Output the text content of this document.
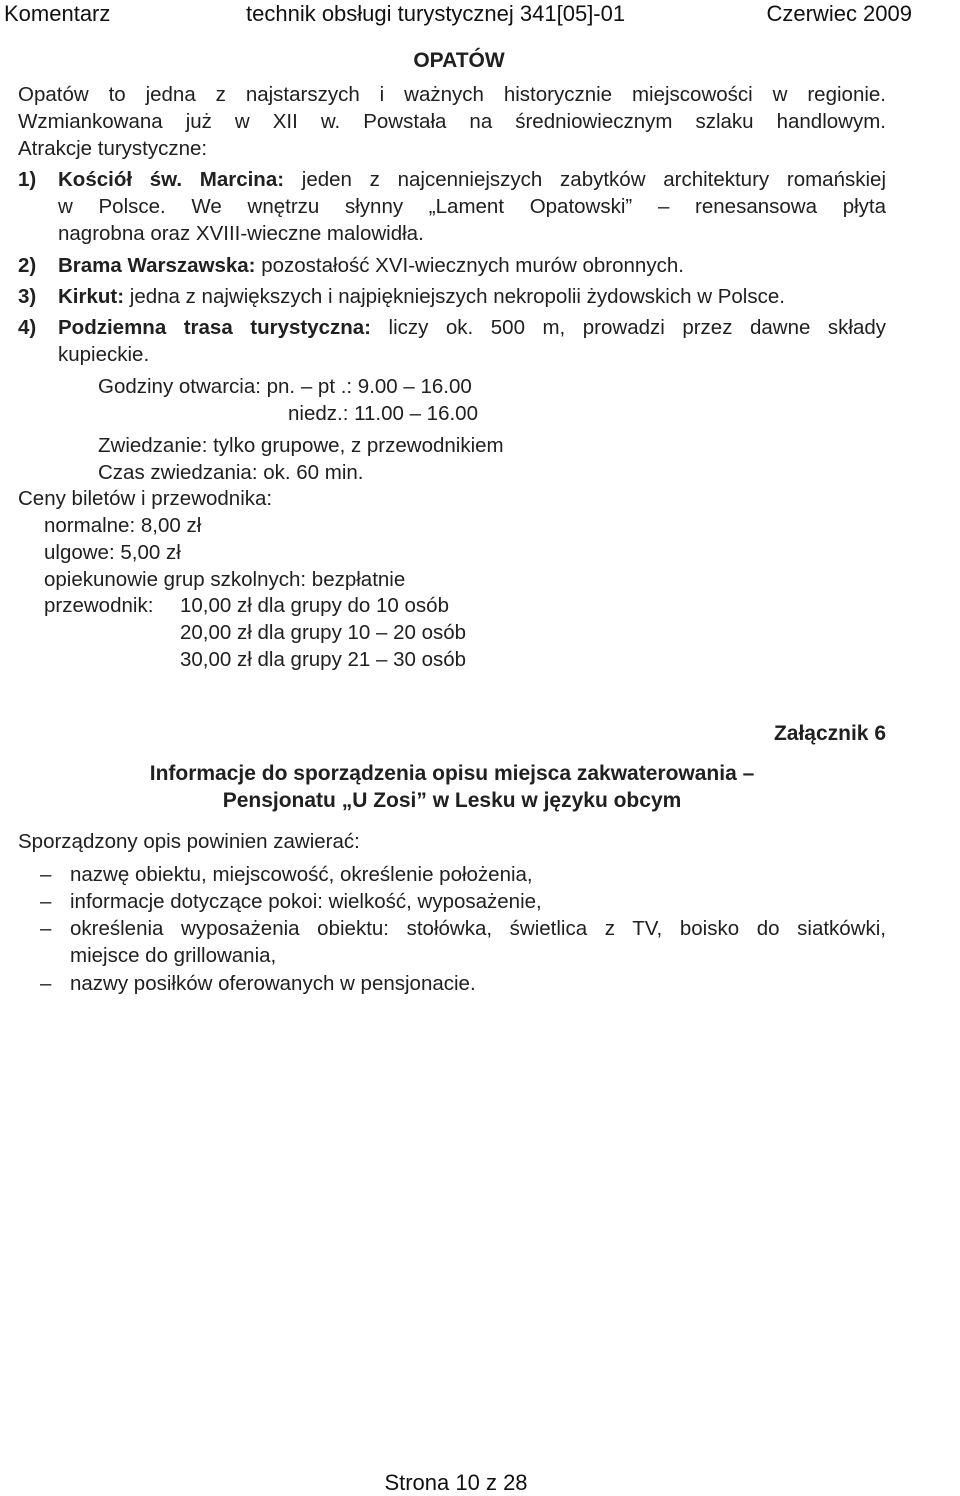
Komentarz	technik obsługi turystycznej 341[05]-01	Czerwiec 2009
OPATÓW
Opatów to jedna z najstarszych i ważnych historycznie miejscowości w regionie.
Wzmiankowana już w XII w. Powstała na średniowiecznym szlaku handlowym.
Atrakcje turystyczne:
1) Kościół św. Marcina: jeden z najcenniejszych zabytków architektury romańskiej
w Polsce. We wnętrzu słynny „Lament Opatowski” – renesansowa płyta
nagrobna oraz XVIII-wieczne malowidła.
2) Brama Warszawska: pozostałość XVI-wiecznych murów obronnych.
3) Kirkut: jedna z największych i najpiękniejszych nekropolii żydowskich w Polsce.
4) Podziemna trasa turystyczna: liczy ok. 500 m, prowadzi przez dawne składy
kupieckie.
Godziny otwarcia: pn. – pt .: 9.00 – 16.00
niedz.: 11.00 – 16.00
Zwiedzanie: tylko grupowe, z przewodnikiem
Czas zwiedzania: ok. 60 min.
Ceny biletów i przewodnika:
normalne: 8,00 zł
ulgowe: 5,00 zł
opiekunowie grup szkolnych: bezpłatnie
przewodnik: 10,00 zł dla grupy do 10 osób
20,00 zł dla grupy 10 – 20 osób
30,00 zł dla grupy 21 – 30 osób
Załącznik 6
Informacje do sporządzenia opisu miejsca zakwaterowania –
Pensjonatu „U Zosi” w Lesku w języku obcym
Sporządzony opis powinien zawierać:
– nazwę obiektu, miejscowość, określenie położenia,
– informacje dotyczące pokoi: wielkość, wyposażenie,
– określenia wyposażenia obiektu: stołówka, świetlica z TV, boisko do siatkówki,
miejsce do grillowania,
– nazwy posiłków oferowanych w pensjonacie.
Strona 10 z 28
